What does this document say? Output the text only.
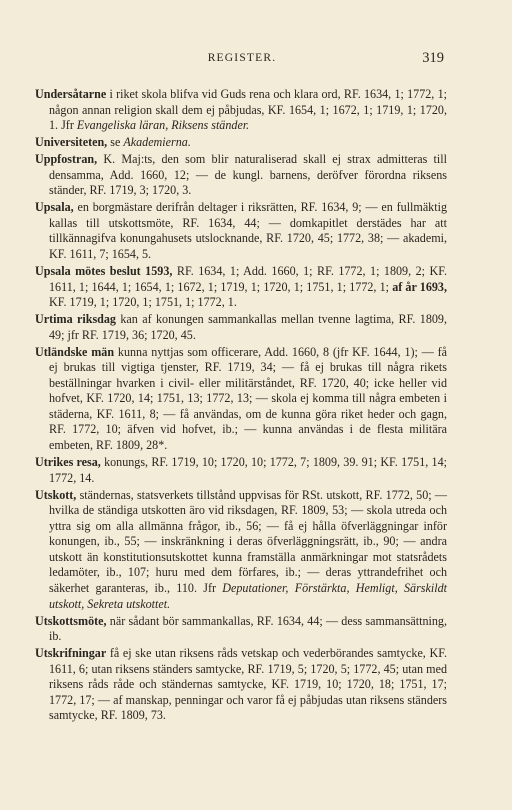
REGISTER.	319

Undersåtarne i riket skola blifva vid Guds rena och klara ord, RF. 1634, 1; 1772, 1; någon annan religion skall dem ej påbjudas, KF. 1654, 1; 1672, 1; 1719, 1; 1720, 1. Jfr Evangeliska läran, Riksens ständer.

Universiteten, se Akademierna.

Uppfostran, K. Maj:ts, den som blir naturaliserad skall ej strax admitteras till densamma, Add. 1660, 12; — de kungl. barnens, deröfver förordna riksens ständer, RF. 1719, 3; 1720, 3.

Upsala, en borgmästare derifrån deltager i riksrätten, RF. 1634, 9; — en fullmäktig kallas till utskottsmöte, RF. 1634, 44; — domkapitlet derstädes har att tillkännagifva konungahusets utslocknande, RF. 1720, 45; 1772, 38; — akademi, KF. 1611, 7; 1654, 5.

Upsala mötes beslut 1593, RF. 1634, 1; Add. 1660, 1; RF. 1772, 1; 1809, 2; KF. 1611, 1; 1644, 1; 1654, 1; 1672, 1; 1719, 1; 1720, 1; 1751, 1; 1772, 1; af år 1693, KF. 1719, 1; 1720, 1; 1751, 1; 1772, 1.

Urtima riksdag kan af konungen sammankallas mellan tvenne lagtima, RF. 1809, 49; jfr RF. 1719, 36; 1720, 45.

Utländske män kunna nyttjas som officerare, Add. 1660, 8 (jfr KF. 1644, 1); — få ej brukas till vigtiga tjenster, RF. 1719, 34; — få ej brukas till några rikets beställningar hvarken i civil- eller militärståndet, RF. 1720, 40; icke heller vid hofvet, KF. 1720, 14; 1751, 13; 1772, 13; — skola ej komma till några embeten i städerna, KF. 1611, 8; — få användas, om de kunna göra riket heder och gagn, RF. 1772, 10; äfven vid hofvet, ib.; — kunna användas i de flesta militära embeten, RF. 1809, 28*.

Utrikes resa, konungs, RF. 1719, 10; 1720, 10; 1772, 7; 1809, 39. 91; KF. 1751, 14; 1772, 14.

Utskott, ständernas, statsverkets tillstånd uppvisas för RSt. utskott, RF. 1772, 50; — hvilka de ständiga utskotten äro vid riksdagen, RF. 1809, 53; — skola utreda och yttra sig om alla allmänna frågor, ib., 56; — få ej hålla öfverläggningar inför konungen, ib., 55; — inskränkning i deras öfverläggningsrätt, ib., 90; — andra utskott än konstitutionsutskottet kunna framställa anmärkningar mot statsrådets ledamöter, ib., 107; huru med dem förfares, ib.; — deras yttrandefrihet och säkerhet garanteras, ib., 110. Jfr Deputationer, Förstärkta, Hemligt, Särskildt utskott, Sekreta utskottet.

Utskottsmöte, när sådant bör sammankallas, RF. 1634, 44; — dess sammansättning, ib.

Utskrifningar få ej ske utan riksens råds vetskap och vederbörandes samtycke, KF. 1611, 6; utan riksens ständers samtycke, RF. 1719, 5; 1720, 5; 1772, 45; utan med riksens råds råde och ständernas samtycke, KF. 1719, 10; 1720, 18; 1751, 17; 1772, 17; — af manskap, penningar och varor få ej påbjudas utan riksens ständers samtycke, RF. 1809, 73.
